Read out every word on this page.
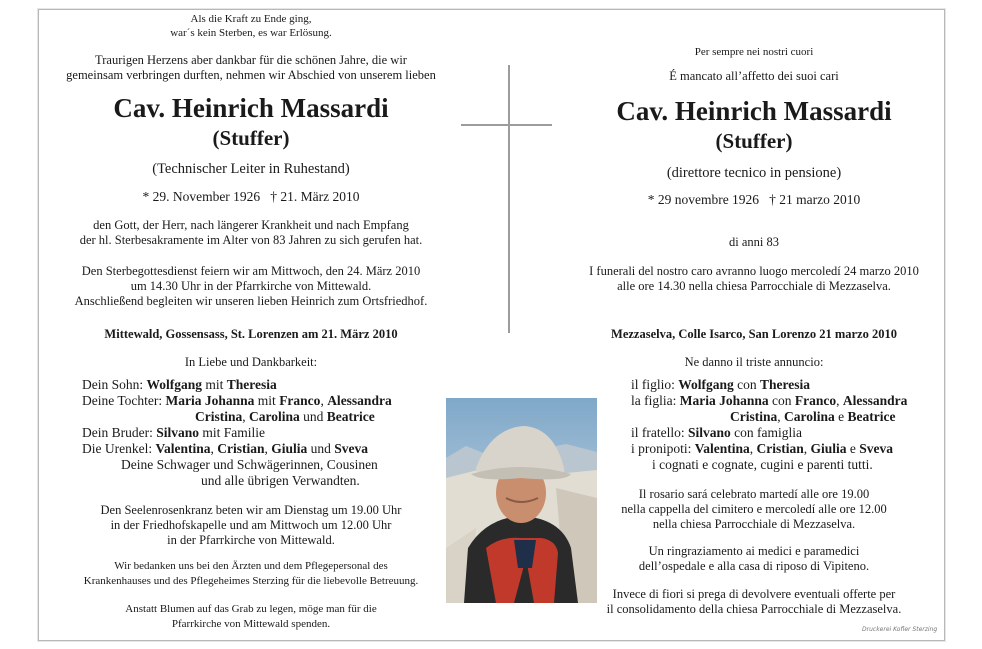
Als die Kraft zu Ende ging,
war´s kein Sterben, es war Erlösung.
Traurigen Herzens aber dankbar für die schönen Jahre, die wir
gemeinsam verbringen durften, nehmen wir Abschied von unserem lieben
Cav. Heinrich Massardi
(Stuffer)
(Technischer Leiter in Ruhestand)
* 29. November 1926   † 21. März 2010
den Gott, der Herr, nach längerer Krankheit und nach Empfang
der hl. Sterbesakramente im Alter von 83 Jahren zu sich gerufen hat.
Den Sterbegottesdienst feiern wir am Mittwoch, den 24. März 2010
um 14.30 Uhr in der Pfarrkirche von Mittewald.
Anschließend begleiten wir unseren lieben Heinrich zum Ortsfriedhof.
Mittewald, Gossensass, St. Lorenzen am 21. März 2010
In Liebe und Dankbarkeit:
Dein Sohn: Wolfgang mit Theresia
Deine Tochter: Maria Johanna mit Franco, Alessandra
Cristina, Carolina und Beatrice
Dein Bruder: Silvano mit Familie
Die Urenkel: Valentina, Cristian, Giulia und Sveva
Deine Schwager und Schwägerinnen, Cousinen
und alle übrigen Verwandten.
Den Seelenrosenkranz beten wir am Dienstag um 19.00 Uhr
in der Friedhofskapelle und am Mittwoch um 12.00 Uhr
in der Pfarrkirche von Mittewald.
Wir bedanken uns bei den Ärzten und dem Pflegepersonal des
Krankenhauses und des Pflegeheimes Sterzing für die liebevolle Betreuung.
Anstatt Blumen auf das Grab zu legen, möge man für die
Pfarrkirche von Mittewald spenden.
Per sempre nei nostri cuori
É mancato all’affetto dei suoi cari
Cav. Heinrich Massardi
(Stuffer)
(direttore tecnico in pensione)
* 29 novembre 1926   † 21 marzo 2010
di anni 83
I funerali del nostro caro avranno luogo mercoledí 24 marzo 2010
alle ore 14.30 nella chiesa Parrocchiale di Mezzaselva.
Mezzaselva, Colle Isarco, San Lorenzo 21 marzo 2010
Ne danno il triste annuncio:
il figlio: Wolfgang con Theresia
la figlia: Maria Johanna con Franco, Alessandra
Cristina, Carolina e Beatrice
il fratello: Silvano con famiglia
i pronipoti: Valentina, Cristian, Giulia e Sveva
i cognati e cognate, cugini e parenti tutti.
Il rosario sará celebrato martedí alle ore 19.00
nella cappella del cimitero e mercoledí alle ore 12.00
nella chiesa Parrocchiale di Mezzaselva.
Un ringraziamento ai medici e paramedici
dell’ospedale e alla casa di riposo di Vipiteno.
Invece di fiori si prega di devolvere eventuali offerte per
il consolidamento della chiesa Parrocchiale di Mezzaselva.
Druckerei Kofler Sterzing
